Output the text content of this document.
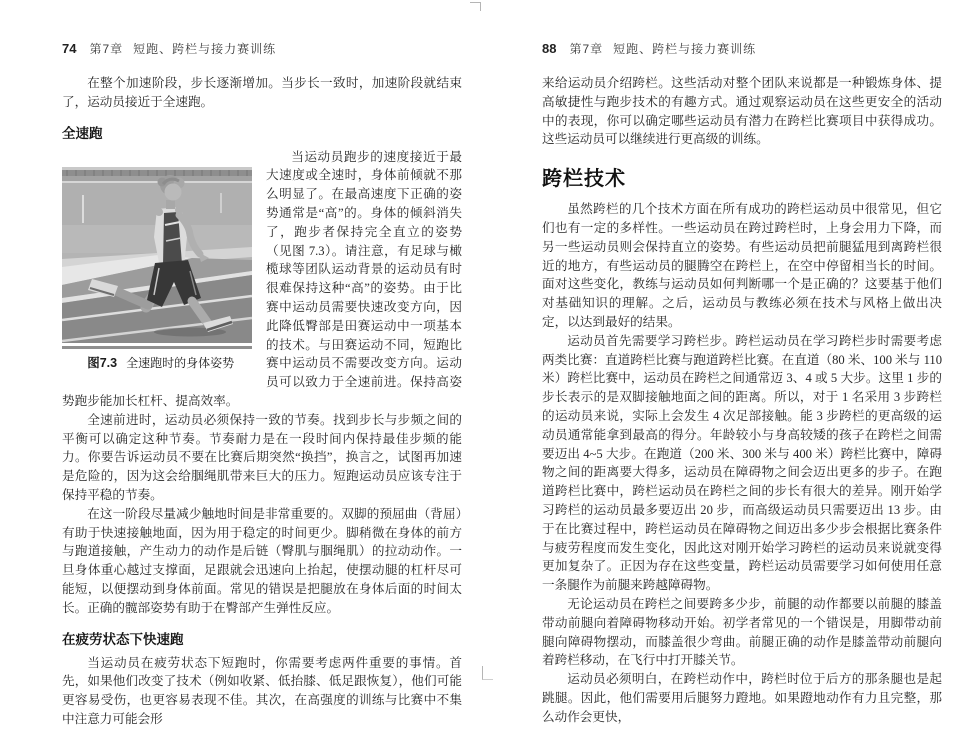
74 第7章 短跑、跨栏与接力赛训练

在整个加速阶段，步长逐渐增加。当步长一致时，加速阶段就结束了，运动员接近于全速跑。

全速跑

图7.3 全速跑时的身体姿势
当运动员跑步的速度接近于最大速度或全速时，身体前倾就不那么明显了。在最高速度下正确的姿势通常是“高”的。身体的倾斜消失了，跑步者保持完全直立的姿势（见图 7.3）。请注意，有足球与橄榄球等团队运动背景的运动员有时很难保持这种“高”的姿势。由于比赛中运动员需要快速改变方向，因此降低臀部是田赛运动中一项基本的技术。与田赛运动不同，短跑比赛中运动员不需要改变方向。运动员可以致力于全速前进。保持高姿势跑步能加长杠杆、提高效率。

全速前进时，运动员必须保持一致的节奏。找到步长与步频之间的平衡可以确定这种节奏。节奏耐力是在一段时间内保持最佳步频的能力。你要告诉运动员不要在比赛后期突然“换挡”，换言之，试图再加速是危险的，因为这会给腘绳肌带来巨大的压力。短跑运动员应该专注于保持平稳的节奏。

在这一阶段尽量减少触地时间是非常重要的。双脚的预屈曲（背屈）有助于快速接触地面，因为用于稳定的时间更少。脚稍微在身体的前方与跑道接触，产生动力的动作是后链（臀肌与腘绳肌）的拉动动作。一旦身体重心越过支撑面，足跟就会迅速向上抬起，使摆动腿的杠杆尽可能短，以便摆动到身体前面。常见的错误是把腿放在身体后面的时间太长。正确的髋部姿势有助于在臀部产生弹性反应。

在疲劳状态下快速跑

当运动员在疲劳状态下短跑时，你需要考虑两件重要的事情。首先，如果他们改变了技术（例如收紧、低抬膝、低足跟恢复），他们可能更容易受伤，也更容易表现不佳。其次，在高强度的训练与比赛中不集中注意力可能会形

88 第7章 短跑、跨栏与接力赛训练

来给运动员介绍跨栏。这些活动对整个团队来说都是一种锻炼身体、提高敏捷性与跑步技术的有趣方式。通过观察运动员在这些更安全的活动中的表现，你可以确定哪些运动员有潜力在跨栏比赛项目中获得成功。这些运动员可以继续进行更高级的训练。

跨栏技术

虽然跨栏的几个技术方面在所有成功的跨栏运动员中很常见，但它们也有一定的多样性。一些运动员在跨过跨栏时，上身会用力下降，而另一些运动员则会保持直立的姿势。有些运动员把前腿猛甩到离跨栏很近的地方，有些运动员的腿腾空在跨栏上，在空中停留相当长的时间。面对这些变化，教练与运动员如何判断哪一个是正确的？这要基于他们对基础知识的理解。之后，运动员与教练必须在技术与风格上做出决定，以达到最好的结果。

运动员首先需要学习跨栏步。跨栏运动员在学习跨栏步时需要考虑两类比赛：直道跨栏比赛与跑道跨栏比赛。在直道（80 米、100 米与 110 米）跨栏比赛中，运动员在跨栏之间通常迈 3、4 或 5 大步。这里 1 步的步长表示的是双脚接触地面之间的距离。所以，对于 1 名采用 3 步跨栏的运动员来说，实际上会发生 4 次足部接触。能 3 步跨栏的更高级的运动员通常能拿到最高的得分。年龄较小与身高较矮的孩子在跨栏之间需要迈出 4~5 大步。在跑道（200 米、300 米与 400 米）跨栏比赛中，障碍物之间的距离要大得多，运动员在障碍物之间会迈出更多的步子。在跑道跨栏比赛中，跨栏运动员在跨栏之间的步长有很大的差异。刚开始学习跨栏的运动员最多要迈出 20 步，而高级运动员只需要迈出 13 步。由于在比赛过程中，跨栏运动员在障碍物之间迈出多少步会根据比赛条件与疲劳程度而发生变化，因此这对刚开始学习跨栏的运动员来说就变得更加复杂了。正因为存在这些变量，跨栏运动员需要学习如何使用任意一条腿作为前腿来跨越障碍物。

无论运动员在跨栏之间要跨多少步，前腿的动作都要以前腿的膝盖带动前腿向着障碍物移动开始。初学者常见的一个错误是，用脚带动前腿向障碍物摆动，而膝盖很少弯曲。前腿正确的动作是膝盖带动前腿向着跨栏移动，在飞行中打开膝关节。

运动员必须明白，在跨栏动作中，跨栏时位于后方的那条腿也是起跳腿。因此，他们需要用后腿努力蹬地。如果蹬地动作有力且完整，那么动作会更快，
